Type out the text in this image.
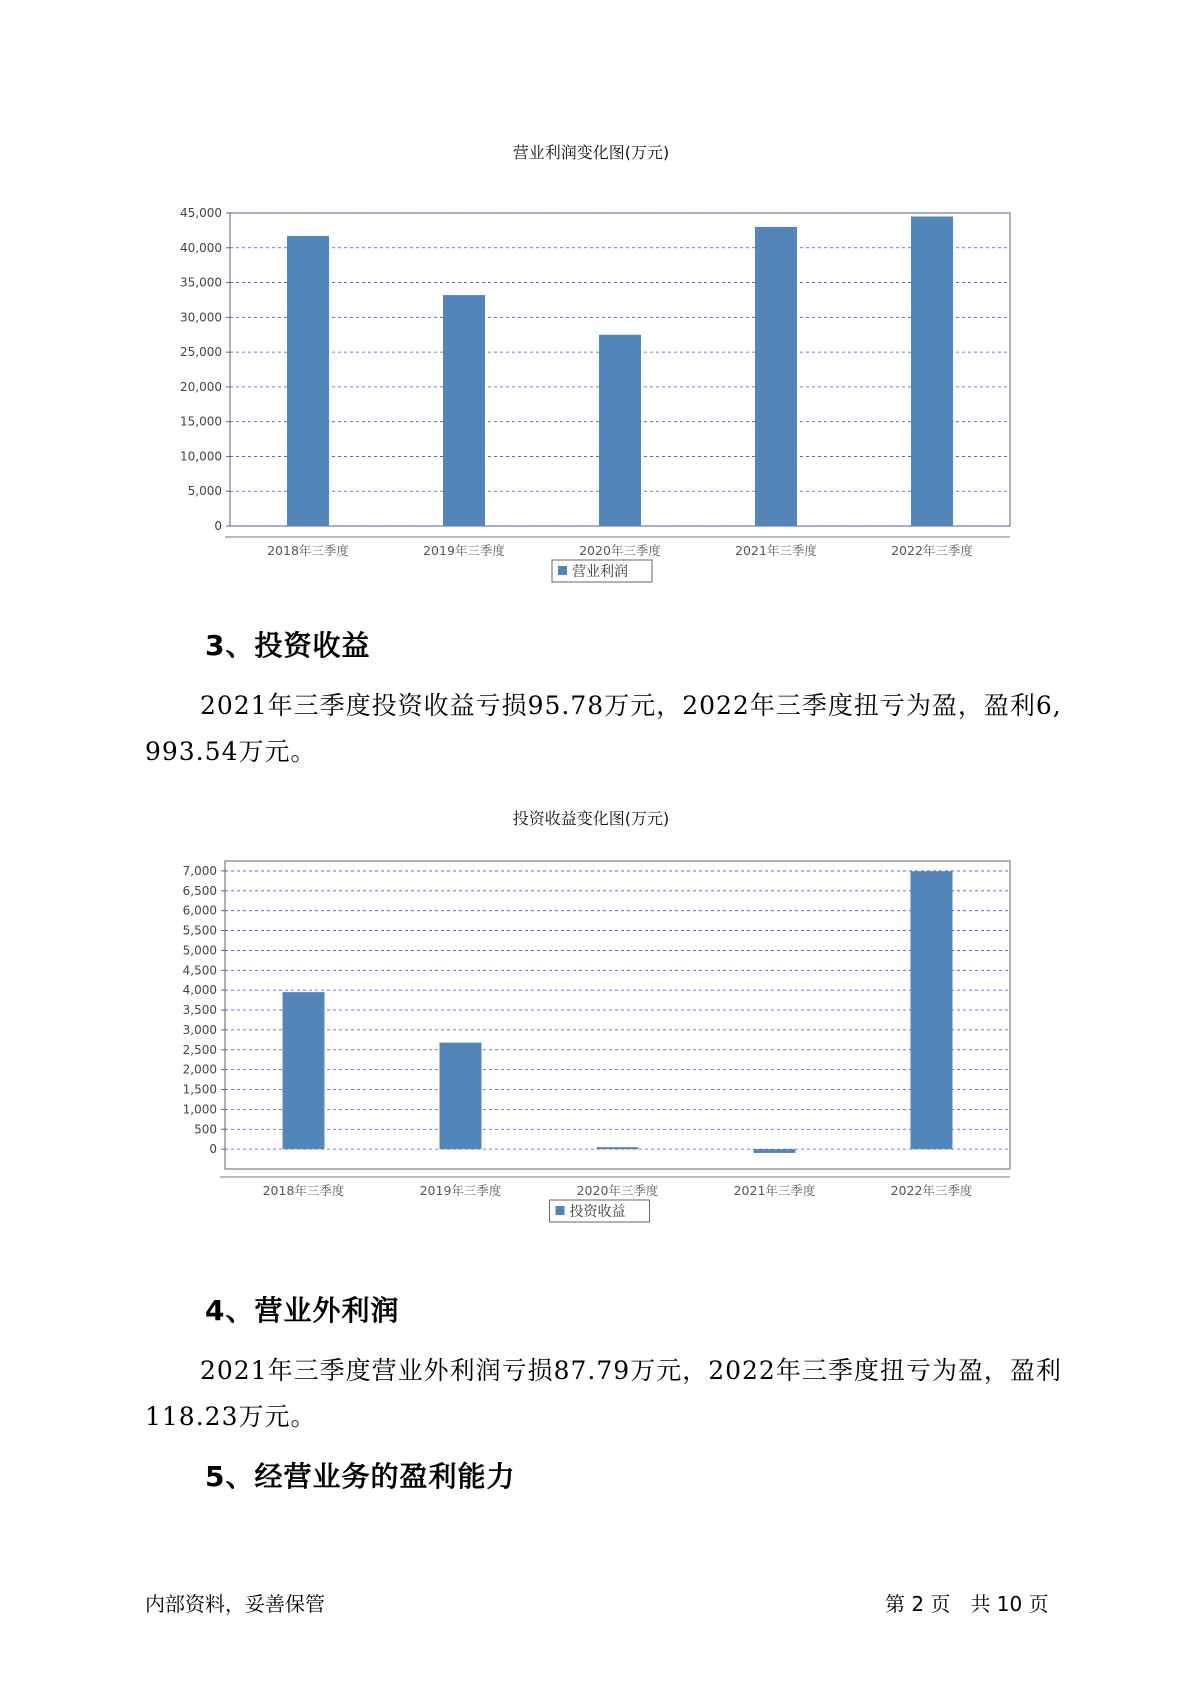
营业利润变化图(万元)
0
5,000
10,000
15,000
20,000
25,000
30,000
35,000
40,000
45,000
2018年三季度	2019年三季度	2020年三季度	2021年三季度	2022年三季度
营业利润
3、投资收益
2021年三季度投资收益亏损95.78万元，2022年三季度扭亏为盈，盈利6,993.54万元。
投资收益变化图(万元)
0
500
1,000
1,500
2,000
2,500
3,000
3,500
4,000
4,500
5,000
5,500
6,000
6,500
7,000
2018年三季度	2019年三季度	2020年三季度	2021年三季度	2022年三季度
投资收益
4、营业外利润
2021年三季度营业外利润亏损87.79万元，2022年三季度扭亏为盈，盈利118.23万元。
5、经营业务的盈利能力
内部资料，妥善保管	第 2 页　共 10 页
